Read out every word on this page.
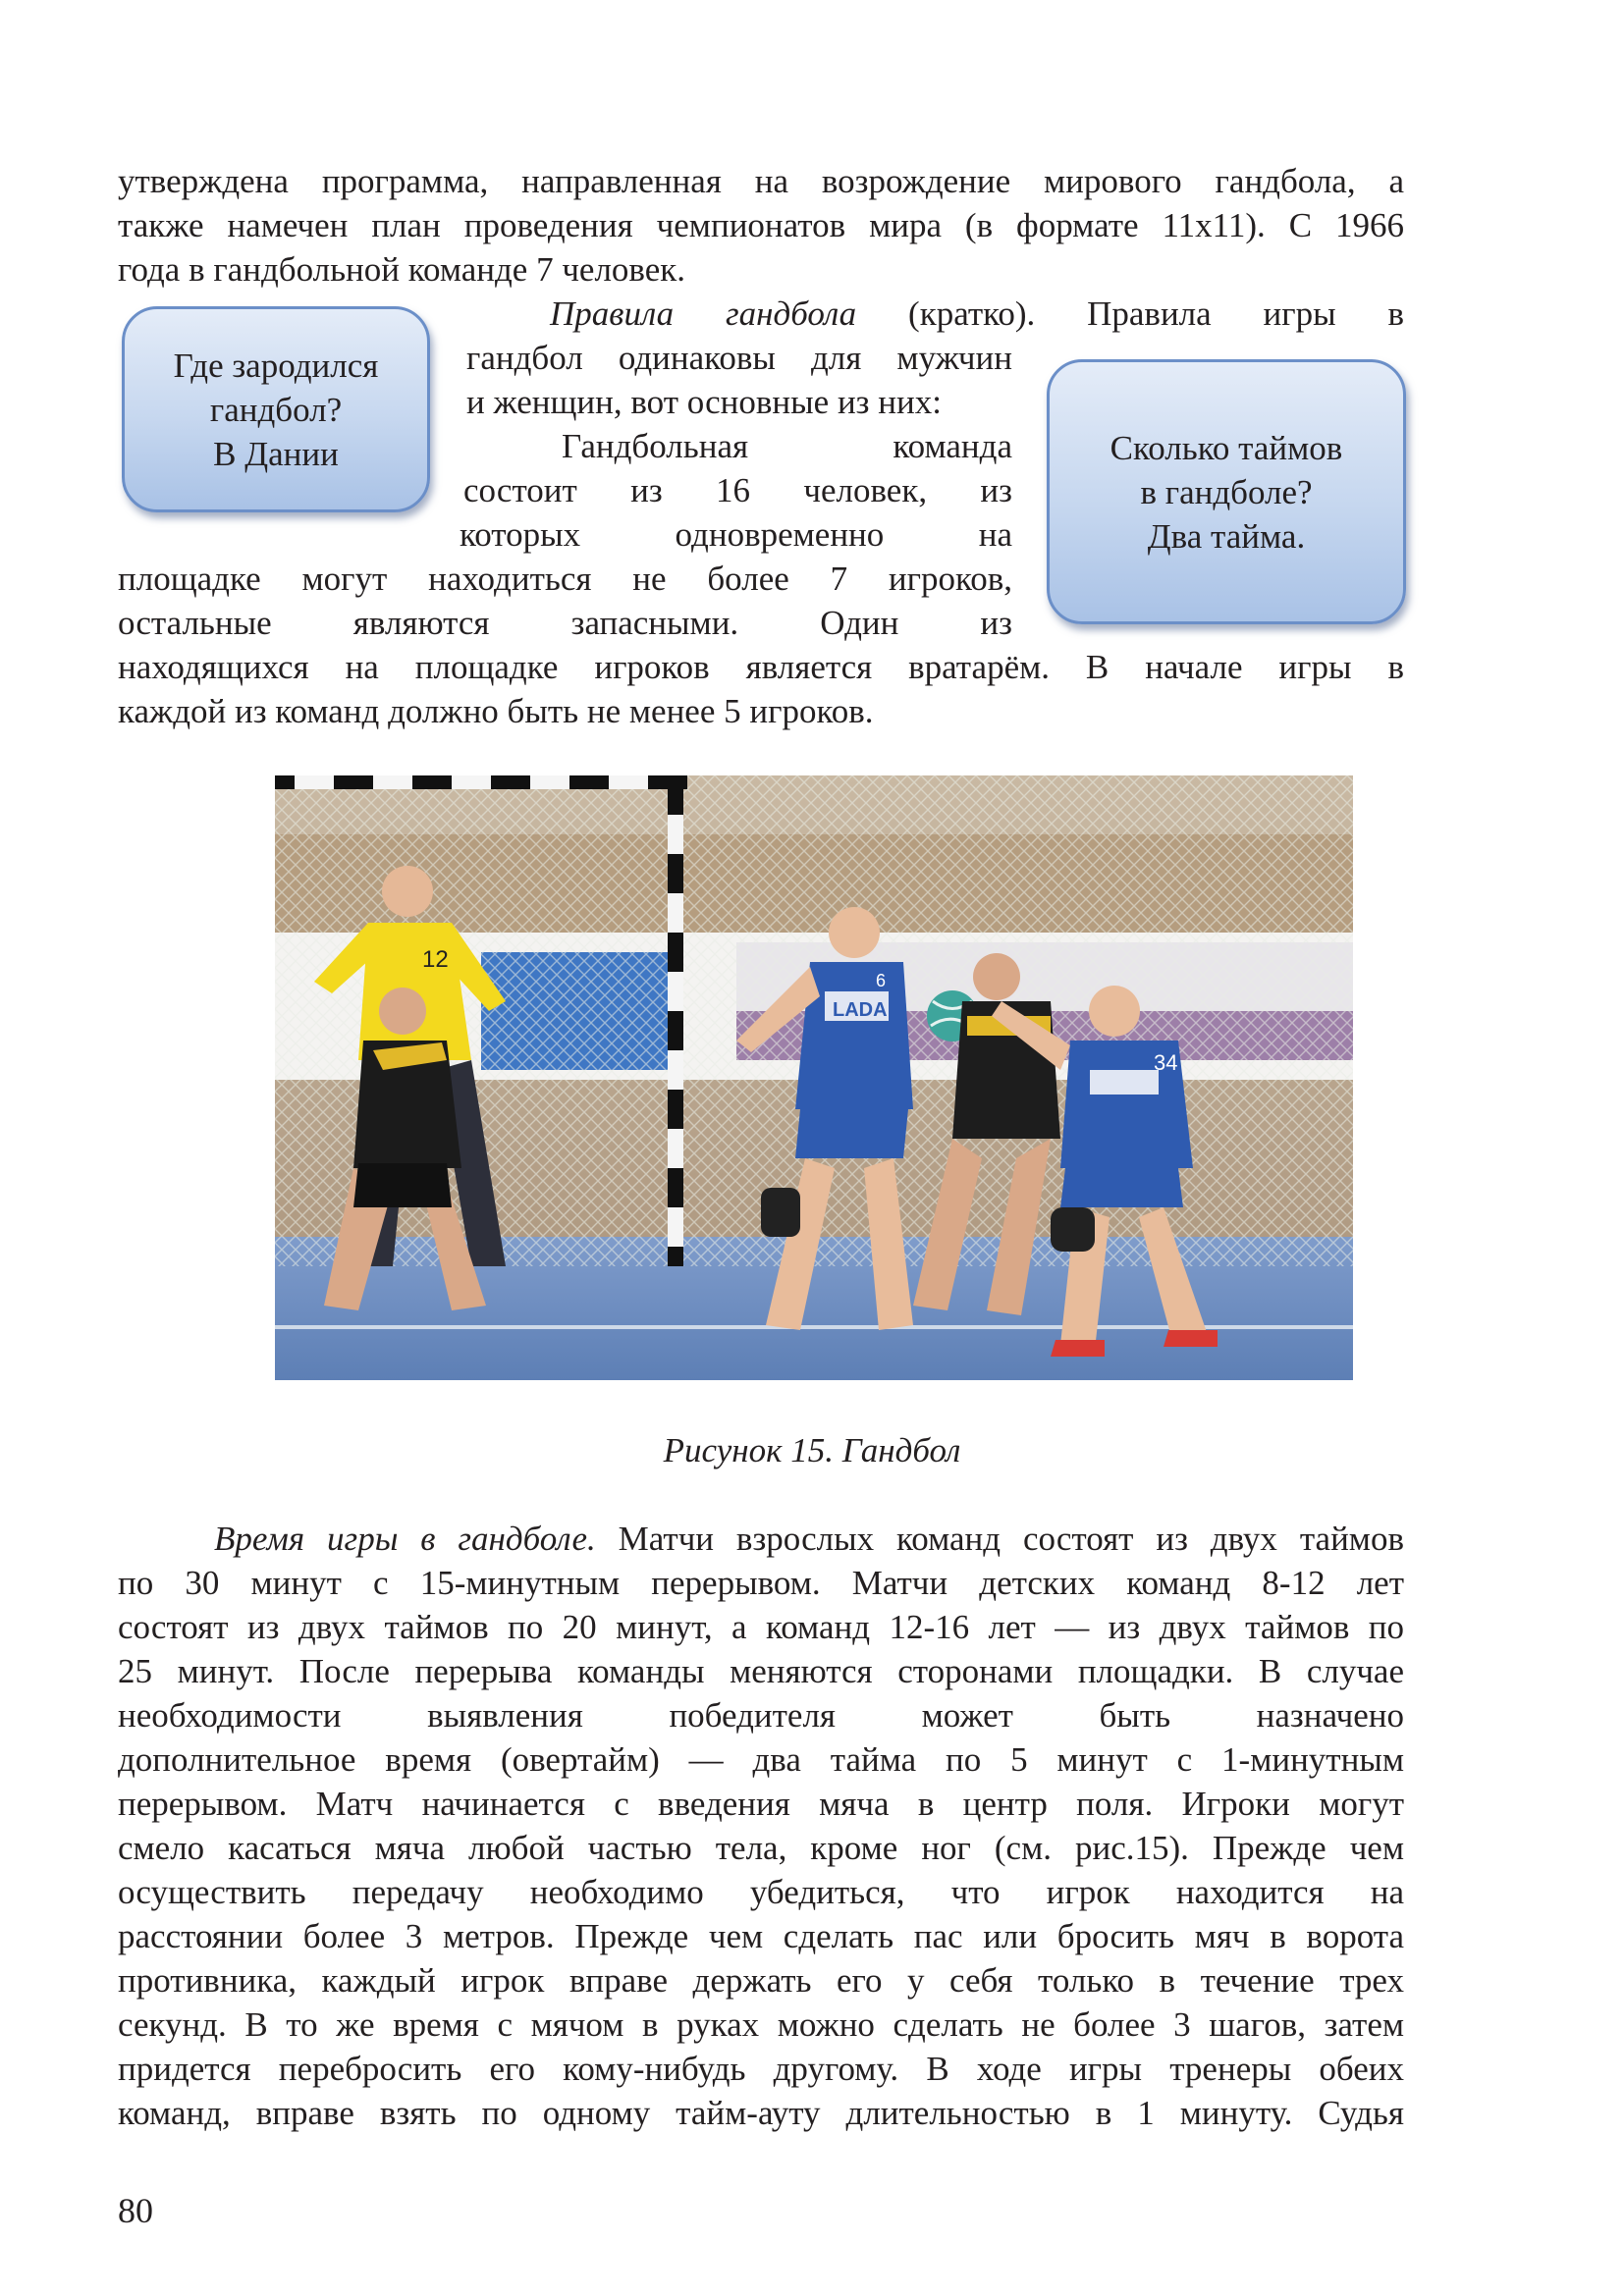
утверждена программа, направленная на возрождение мирового гандбола, а
также намечен план проведения чемпионатов мира (в формате 11х11). С 1966
года в гандбольной команде 7 человек.
Правила гандбола (кратко). Правила игры в
гандбол одинаковы для мужчин
и женщин, вот основные из них:
Гандбольная команда
состоит из 16 человек, из
которых одновременно на
площадке могут находиться не более 7 игроков,
остальные являются запасными. Один из
находящихся на площадке игроков является вратарём. В начале игры в
каждой из команд должно быть не менее 5 игроков.
Где зародился
гандбол?
В Дании	Сколько таймов
в гандболе?
Два тайма.
12
LADA
6
34
Рисунок 15. Гандбол
Время игры в гандболе. Матчи взрослых команд состоят из двух таймов
по 30 минут с 15-минутным перерывом. Матчи детских команд 8-12 лет
состоят из двух таймов по 20 минут, а команд 12-16 лет — из двух таймов по
25 минут. После перерыва команды меняются сторонами площадки. В случае
необходимости выявления победителя может быть назначено
дополнительное время (овертайм) — два тайма по 5 минут с 1-минутным
перерывом. Матч начинается с введения мяча в центр поля. Игроки могут
смело касаться мяча любой частью тела, кроме ног (см. рис.15). Прежде чем
осуществить передачу необходимо убедиться, что игрок находится на
расстоянии более 3 метров. Прежде чем сделать пас или бросить мяч в ворота
противника, каждый игрок вправе держать его у себя только в течение трех
секунд. В то же время с мячом в руках можно сделать не более 3 шагов, затем
придется перебросить его кому-нибудь другому. В ходе игры тренеры обеих
команд, вправе взять по одному тайм-ауту длительностью в 1 минуту. Судья
80
